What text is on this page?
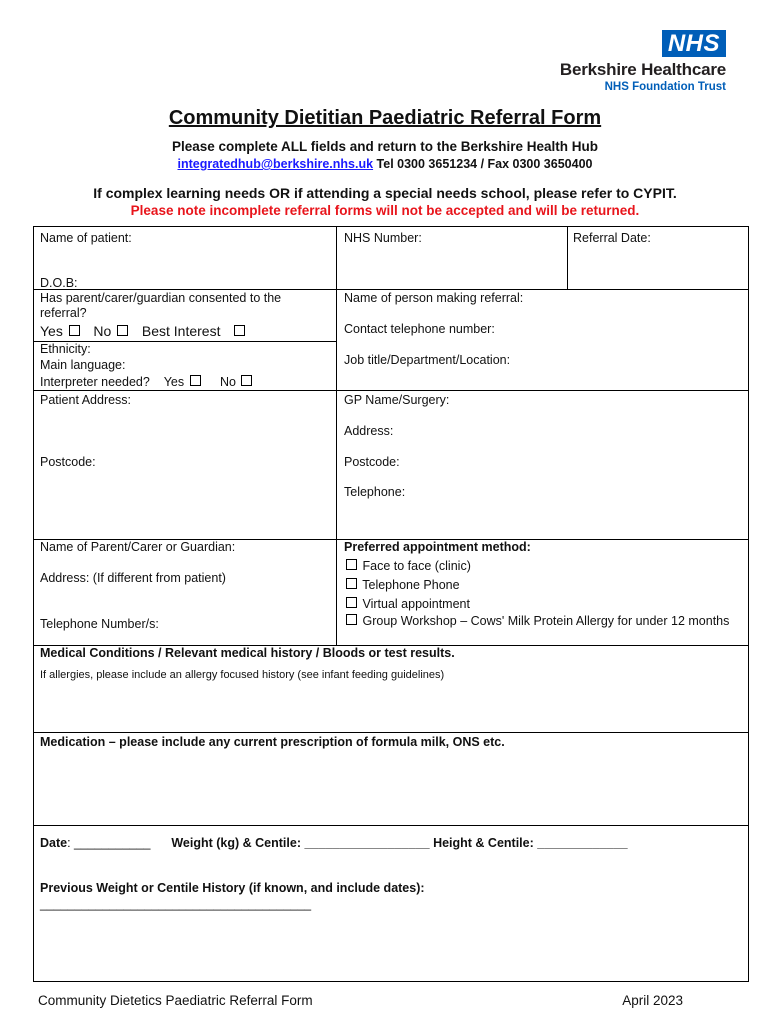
NHS
Berkshire Healthcare
NHS Foundation Trust
Community Dietitian Paediatric Referral Form
Please complete ALL fields and return to the Berkshire Health Hub
integratedhub@berkshire.nhs.uk Tel 0300 3651234 / Fax 0300 3650400
If complex learning needs OR if attending a special needs school, please refer to CYPIT.
Please note incomplete referral forms will not be accepted and will be returned.
Name of patient:	NHS Number:	Referral Date:
D.O.B:
Has parent/carer/guardian consented to the referral?
Yes No Best Interest
Name of person making referral:
Contact telephone number:
Job title/Department/Location:
Ethnicity:
Main language:
Interpreter needed? Yes	No
Patient Address:
Postcode:
GP Name/Surgery:
Address:
Postcode:
Telephone:
Name of Parent/Carer or Guardian:
Address: (If different from patient)
Telephone Number/s:
Preferred appointment method:
Face to face (clinic)
Telephone Phone
Virtual appointment
Group Workshop – Cows' Milk Protein Allergy for under 12 months
Medical Conditions / Relevant medical history / Bloods or test results.
If allergies, please include an allergy focused history (see infant feeding guidelines)
Medication – please include any current prescription of formula milk, ONS etc.
Date: ___________ Weight (kg) & Centile: __________________ Height & Centile: _____________
Previous Weight or Centile History (if known, and include dates):
_______________________________________
Community Dietetics Paediatric Referral Form	April 2023
